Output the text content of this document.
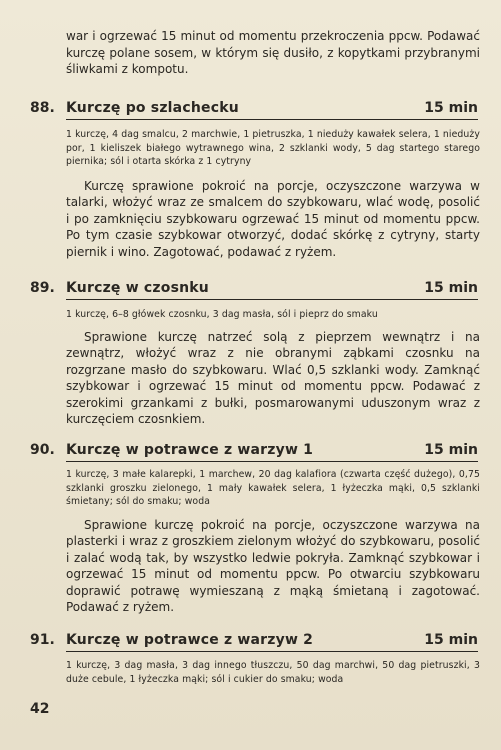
war i ogrzewać 15 minut od momentu przekroczenia ppcw. Podawać kurczę polane sosem, w którym się dusiło, z kopytkami przybranymi śliwkami z kompotu.

88. Kurczę po szlachecku	15 min

1 kurczę, 4 dag smalcu, 2 marchwie, 1 pietruszka, 1 nieduży kawałek selera, 1 nieduży por, 1 kieliszek białego wytrawnego wina, 2 szklanki wody, 5 dag startego starego piernika; sól i otarta skórka z 1 cytryny

Kurczę sprawione pokroić na porcje, oczyszczone warzywa w talarki, włożyć wraz ze smalcem do szybkowaru, wlać wodę, posolić i po zamknięciu szybkowaru ogrzewać 15 minut od momentu ppcw. Po tym czasie szybkowar otworzyć, dodać skórkę z cytryny, starty piernik i wino. Zagotować, podawać z ryżem.

89. Kurczę w czosnku	15 min

1 kurczę, 6–8 główek czosnku, 3 dag masła, sól i pieprz do smaku

Sprawione kurczę natrzeć solą z pieprzem wewnątrz i na zewnątrz, włożyć wraz z nie obranymi ząbkami czosnku na rozgrzane masło do szybkowaru. Wlać 0,5 szklanki wody. Zamknąć szybkowar i ogrzewać 15 minut od momentu ppcw. Podawać z szerokimi grzankami z bułki, posmarowanymi uduszonym wraz z kurczęciem czosnkiem.

90. Kurczę w potrawce z warzyw 1	15 min

1 kurczę, 3 małe kalarepki, 1 marchew, 20 dag kalafiora (czwarta część dużego), 0,75 szklanki groszku zielonego, 1 mały kawałek selera, 1 łyżeczka mąki, 0,5 szklanki śmietany; sól do smaku; woda

Sprawione kurczę pokroić na porcje, oczyszczone warzywa na plasterki i wraz z groszkiem zielonym włożyć do szybkowaru, posolić i zalać wodą tak, by wszystko ledwie pokryła. Zamknąć szybkowar i ogrzewać 15 minut od momentu ppcw. Po otwarciu szybkowaru doprawić potrawę wymieszaną z mąką śmietaną i zagotować. Podawać z ryżem.

91. Kurczę w potrawce z warzyw 2	15 min

1 kurczę, 3 dag masła, 3 dag innego tłuszczu, 50 dag marchwi, 50 dag pietruszki, 3 duże cebule, 1 łyżeczka mąki; sól i cukier do smaku; woda

42
